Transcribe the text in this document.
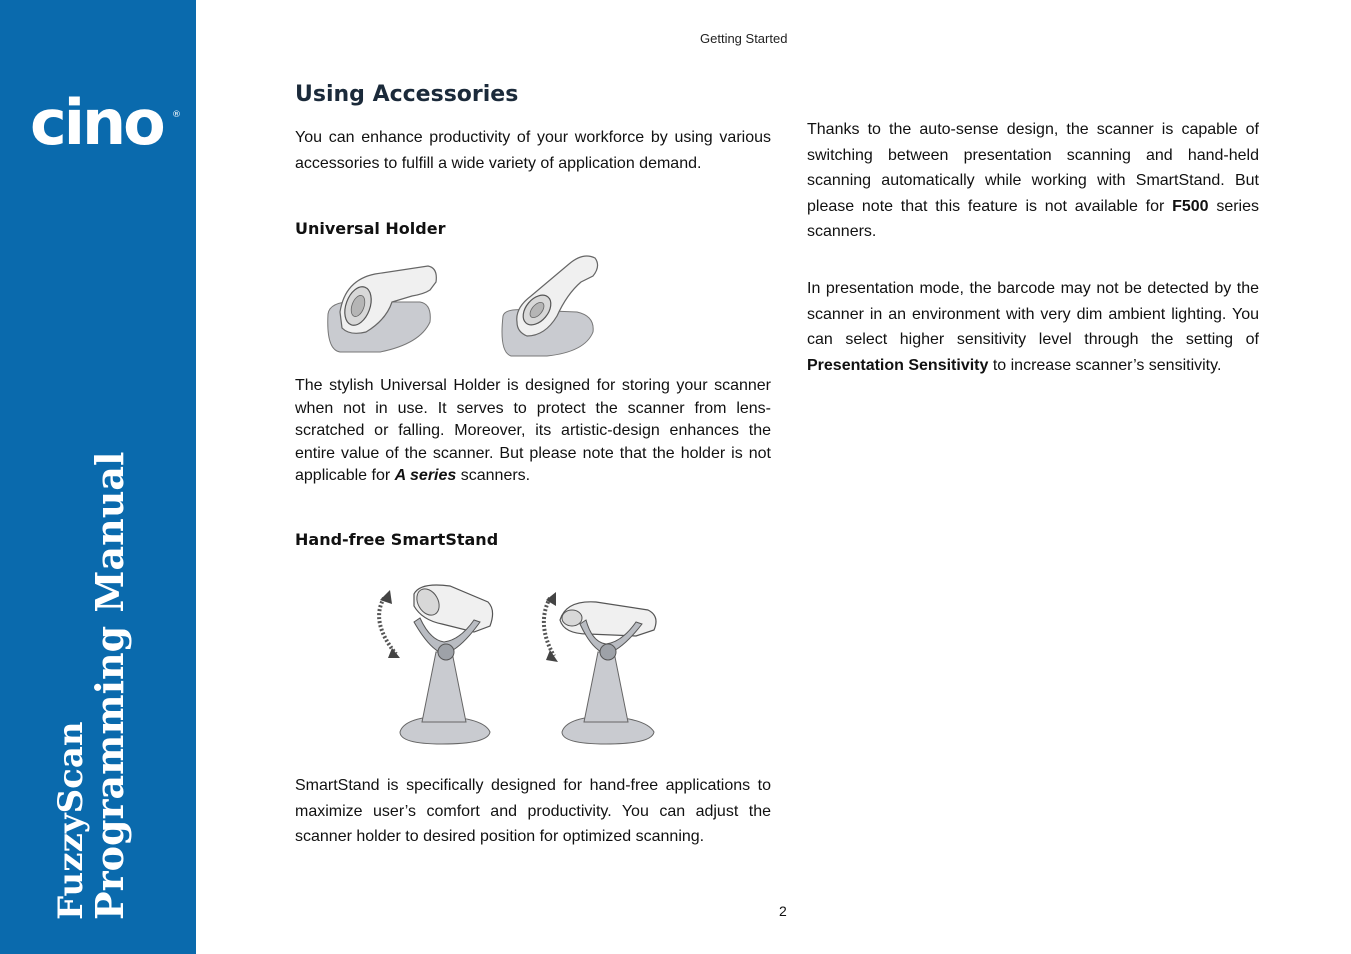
cino ®
FuzzyScan
Programming Manual
Getting Started
2
Using Accessories
You can enhance productivity of your workforce by using various accessories to fulfill a wide variety of application demand.
Universal Holder
The stylish Universal Holder is designed for storing your scanner when not in use. It serves to protect the scanner from lens-scratched or falling. Moreover, its artistic-design enhances the entire value of the scanner. But please note that the holder is not applicable for A series scanners.
Hand-free SmartStand
SmartStand is specifically designed for hand-free applications to maximize user’s comfort and productivity. You can adjust the scanner holder to desired position for optimized scanning.
Thanks to the auto-sense design, the scanner is capable of switching between presentation scanning and hand-held scanning automatically while working with SmartStand. But please note that this feature is not available for F500 series scanners.
In presentation mode, the barcode may not be detected by the scanner in an environment with very dim ambient lighting. You can select higher sensitivity level through the setting of Presentation Sensitivity to increase scanner’s sensitivity.
